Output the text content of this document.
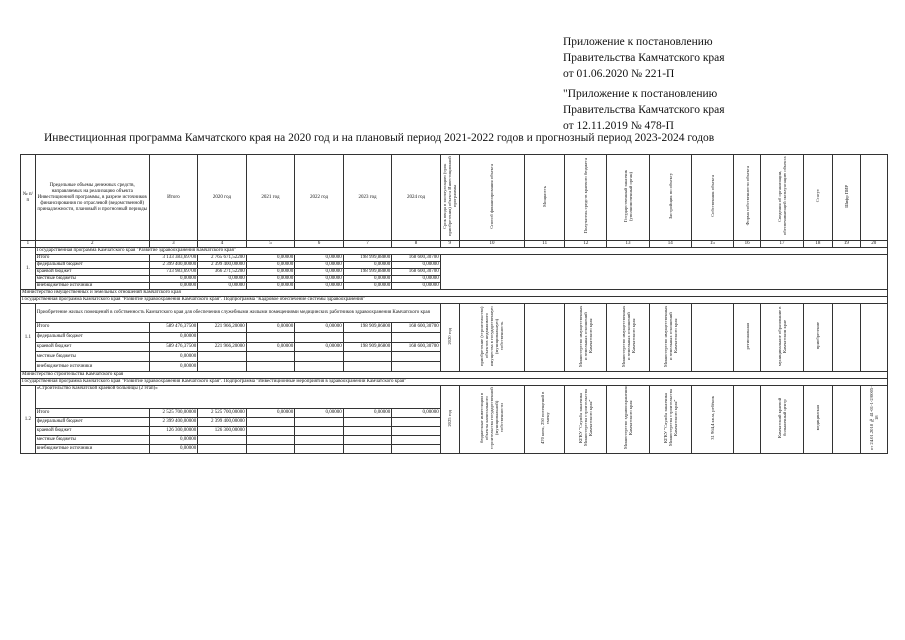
Приложение к постановлению
Правительства Камчатского края
от 01.06.2020 № 221-П
"Приложение к постановлению
Правительства Камчатского края
от 12.11.2019 № 478-П
Инвестиционная программа Камчатского края на 2020 год и на плановый период 2021-2022 годов и прогнозный период 2023-2024 годов
№ п/п	Предельные объемы денежных средств, направляемых на реализацию объекта Инвестиционной программы, в разрезе источников финансирования по отраслевой (ведомственной) принадлежности, плановый и прогнозный периоды	Итого	2020 год	2021 год	2022 год	2023 год	2024 год	Срок ввода в эксплуатацию (срок приобретения) объекта Инвестиционной программы	Способ финансирования объекта	Мощность	Получатель средств краевого бюджета	Государственный заказчик (уполномоченный орган)	Застройщик по объекту	Собственник объекта	Форма собственности объекта	Сведения об организации, обеспечивающей эксплуатацию объекта	Статус	Шифр ПИР	
1	2	3	4	5	6	7	8	9	10	11	12	13	14	15	16	17	18	19	20
1.	Государственная программа Камчатского края "Развитие здравоохранения Камчатского края"																		
	Итого	3 133 383,69700	2 765 671,52200	0,00000	0,00000	198 999,88800	168 600,30700												
	федеральный бюджет	2 399 400,00000	2 399 400,00000	0,00000	0,00000	0,00000	0,00000												
	краевой бюджет	733 983,69700	366 271,52200	0,00000	0,00000	198 999,88800	168 600,30700												
	местные бюджеты	0,00000	0,00000	0,00000	0,00000	0,00000	0,00000												
	внебюджетные источники	0,00000	0,00000	0,00000	0,00000	0,00000	0,00000												
Министерство имущественных и земельных отношений Камчатского края																			
Государственная программа Камчатского края "Развитие здравоохранения Камчатского края". Подпрограмма "Кадровое обеспечение системы здравоохранения"																			
1.1	Приобретение жилых помещений в собственность Камчатского края для обеспечения служебными жилыми помещениями медицинских работников здравоохранения Камчатского края							2020 год	приобретение (строительство) объектов недвижимого имущества в государственную (муниципальную) собственность		Министерство имущественных и земельных отношений Камчатского края	Министерство имущественных и земельных отношений Камчатского края	Министерство имущественных и земельных отношений Камчатского края		региональная	муниципальное образование в Камчатском крае	приобретение		
	Итого	589 476,37500	221 966,20000	0,00000	0,00000	198 909,86800	168 600,30700												
	федеральный бюджет	0,00000																	
	краевой бюджет	589 476,37500	221 966,20000	0,00000	0,00000	198 909,86800	168 600,30700												
	местные бюджеты	0,00000																	
	внебюджетные источники	0,00000																	
Министерство строительства Камчатского края																			
Государственная программа Камчатского края "Развитие здравоохранения Камчатского края". Подпрограмма "Инвестиционные мероприятия в здравоохранении Камчатского края"																			
1.2	«Строительство Камчатской краевой больницы (2 этап)»							2025 год	бюджетные инвестиции в объекты капитального строительства государственной (муниципальной) собственности	470 коек, 250 посещений в смену	КГКУ "Служба заказчика Министерства строительства Камчатского края"	Министерство здравоохранения Камчатского края	КГКУ "Служба заказчика Министерства строительства Камчатского края"	31 964,4 кв.м, ребёнок		Камчатский краевой больничный центр	медицинская		от 24.01.2018 № 41-01-1-2/0005-18
	Итого	2 525 700,00000	2 525 700,00000	0,00000	0,00000	0,00000	0,00000												
	федеральный бюджет	2 399 400,00000	2 399 400,00000																
	краевой бюджет	126 300,00000	126 300,00000																
	местные бюджеты	0,00000																	
	внебюджетные источники	0,00000																	
